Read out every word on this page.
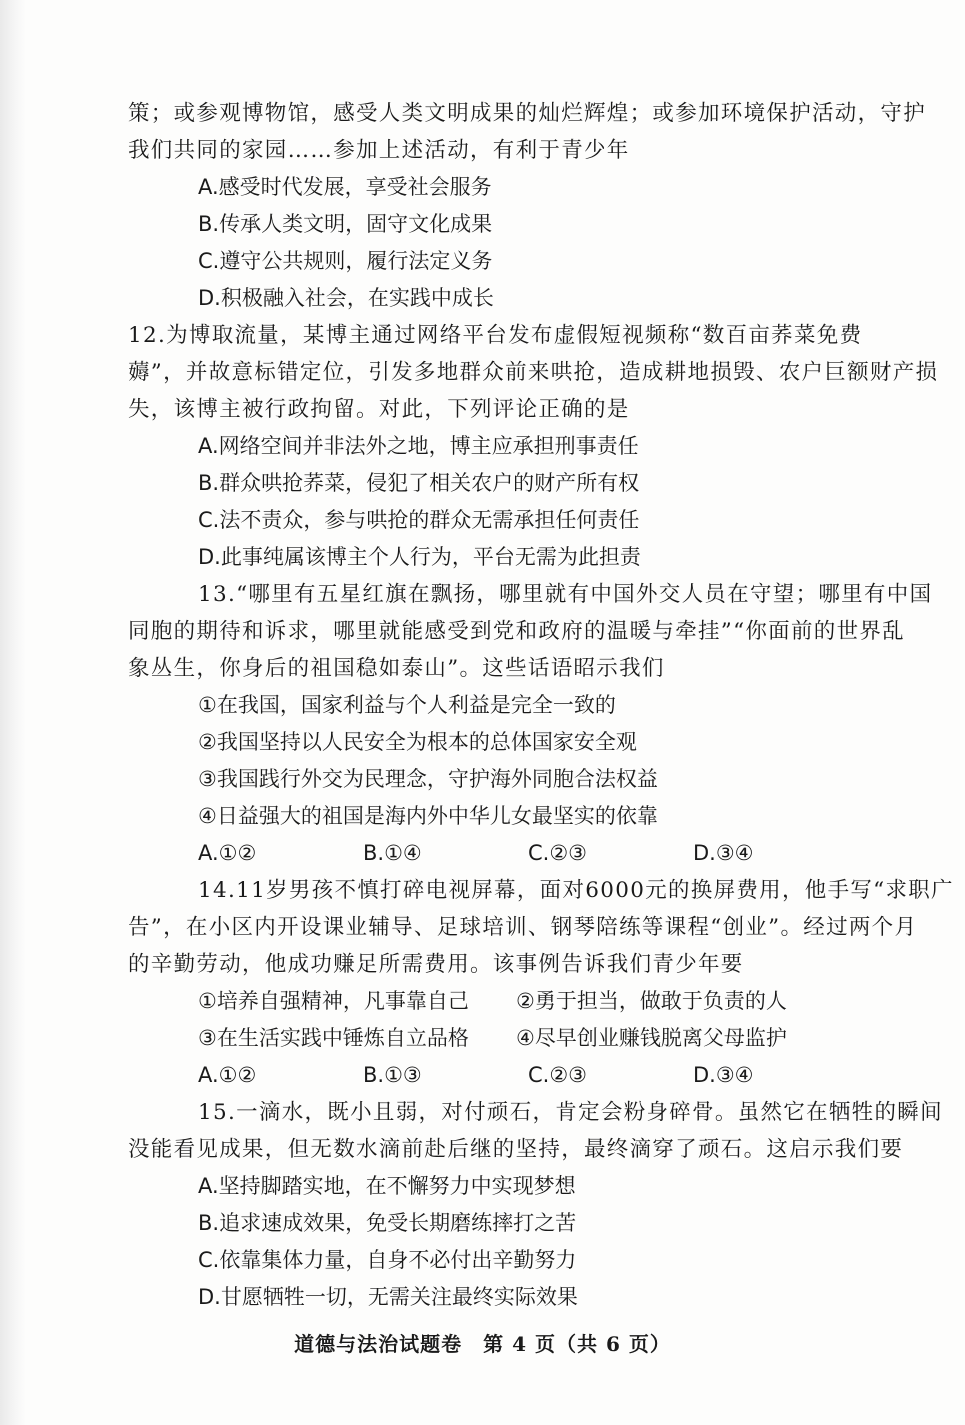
策；或参观博物馆，感受人类文明成果的灿烂辉煌；或参加环境保护活动，守护
我们共同的家园……参加上述活动，有利于青少年
A.感受时代发展，享受社会服务
B.传承人类文明，固守文化成果
C.遵守公共规则，履行法定义务
D.积极融入社会，在实践中成长
12.为博取流量，某博主通过网络平台发布虚假短视频称“数百亩荞菜免费
薅”，并故意标错定位，引发多地群众前来哄抢，造成耕地损毁、农户巨额财产损
失，该博主被行政拘留。对此，下列评论正确的是
A.网络空间并非法外之地，博主应承担刑事责任
B.群众哄抢荞菜，侵犯了相关农户的财产所有权
C.法不责众，参与哄抢的群众无需承担任何责任
D.此事纯属该博主个人行为，平台无需为此担责
13.“哪里有五星红旗在飘扬，哪里就有中国外交人员在守望；哪里有中国
同胞的期待和诉求，哪里就能感受到党和政府的温暖与牵挂”“你面前的世界乱
象丛生，你身后的祖国稳如泰山”。这些话语昭示我们
①在我国，国家利益与个人利益是完全一致的
②我国坚持以人民安全为根本的总体国家安全观
③我国践行外交为民理念，守护海外同胞合法权益
④日益强大的祖国是海内外中华儿女最坚实的依靠
A.①②	B.①④	C.②③	D.③④
14.11岁男孩不慎打碎电视屏幕，面对6000元的换屏费用，他手写“求职广
告”，在小区内开设课业辅导、足球培训、钢琴陪练等课程“创业”。经过两个月
的辛勤劳动，他成功赚足所需费用。该事例告诉我们青少年要
①培养自强精神，凡事靠自己	②勇于担当，做敢于负责的人
③在生活实践中锤炼自立品格	④尽早创业赚钱脱离父母监护
A.①②	B.①③	C.②③	D.③④
15.一滴水，既小且弱，对付顽石，肯定会粉身碎骨。虽然它在牺牲的瞬间
没能看见成果，但无数水滴前赴后继的坚持，最终滴穿了顽石。这启示我们要
A.坚持脚踏实地，在不懈努力中实现梦想
B.追求速成效果，免受长期磨练摔打之苦
C.依靠集体力量，自身不必付出辛勤努力
D.甘愿牺牲一切，无需关注最终实际效果
道德与法治试题卷　第 4 页（共 6 页）
